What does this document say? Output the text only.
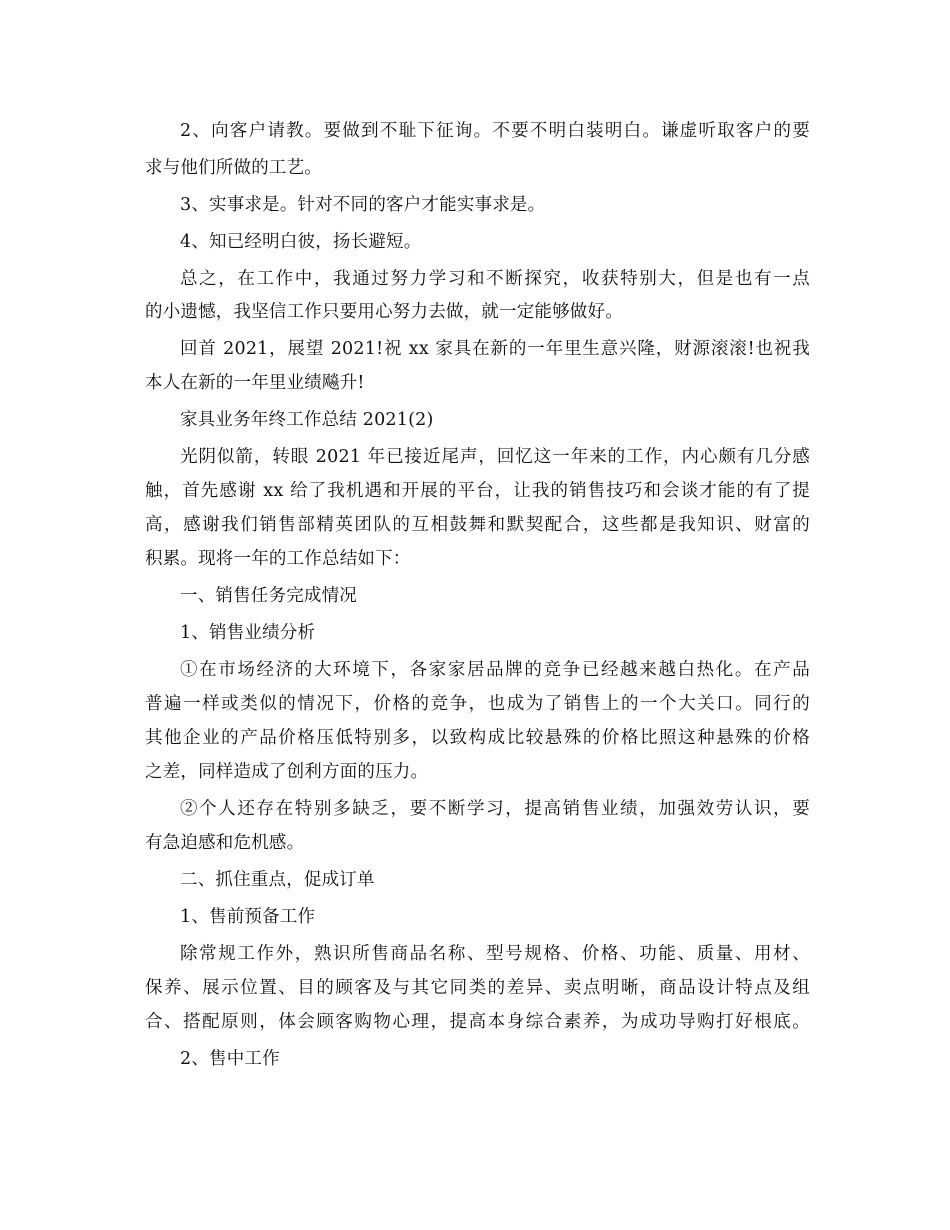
2、向客户请教。要做到不耻下征询。不要不明白装明白。谦虚听取客户的要
求与他们所做的工艺。
3、实事求是。针对不同的客户才能实事求是。
4、知已经明白彼，扬长避短。
总之，在工作中，我通过努力学习和不断探究，收获特别大，但是也有一点
的小遗憾，我坚信工作只要用心努力去做，就一定能够做好。
回首 2021，展望 2021!祝 xx 家具在新的一年里生意兴隆，财源滚滚!也祝我
本人在新的一年里业绩飚升!
家具业务年终工作总结 2021(2)
光阴似箭，转眼 2021 年已接近尾声，回忆这一年来的工作，内心颇有几分感
触，首先感谢 xx 给了我机遇和开展的平台，让我的销售技巧和会谈才能的有了提
高，感谢我们销售部精英团队的互相鼓舞和默契配合，这些都是我知识、财富的
积累。现将一年的工作总结如下：
一、销售任务完成情况
1、销售业绩分析
①在市场经济的大环境下，各家家居品牌的竞争已经越来越白热化。在产品
普遍一样或类似的情况下，价格的竞争，也成为了销售上的一个大关口。同行的
其他企业的产品价格压低特别多，以致构成比较悬殊的价格比照这种悬殊的价格
之差，同样造成了创利方面的压力。
②个人还存在特别多缺乏，要不断学习，提高销售业绩，加强效劳认识，要
有急迫感和危机感。
二、抓住重点，促成订单
1、售前预备工作
除常规工作外，熟识所售商品名称、型号规格、价格、功能、质量、用材、
保养、展示位置、目的顾客及与其它同类的差异、卖点明晰，商品设计特点及组
合、搭配原则，体会顾客购物心理，提高本身综合素养，为成功导购打好根底。
2、售中工作
